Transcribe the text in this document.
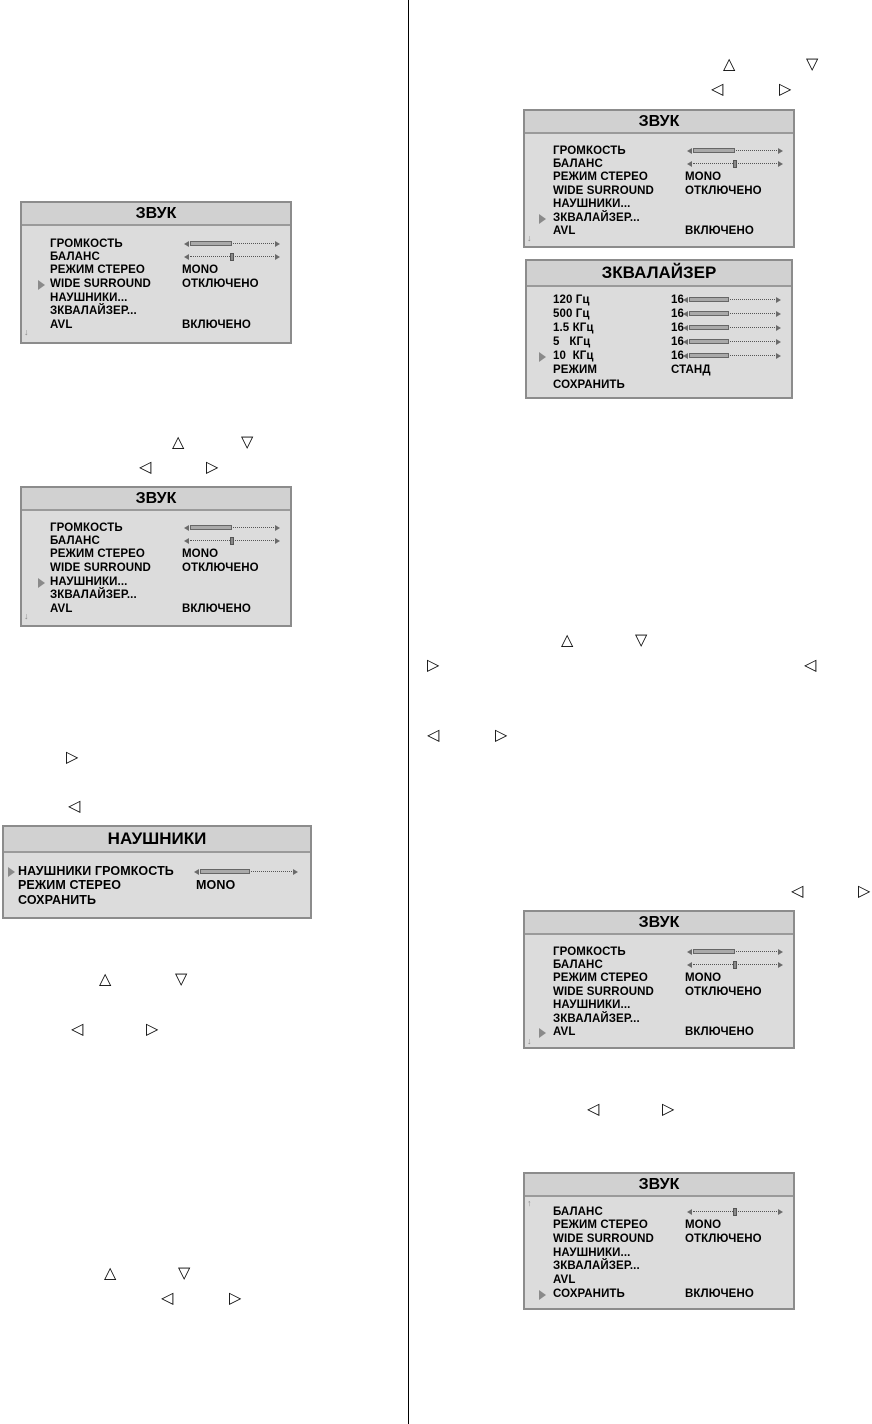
ЗВУК
ГРОМКОСТЬ
БАЛАНС
РЕЖИМ СТЕРЕО	MONO
WIDE SURROUND	ОТКЛЮЧЕНО
НАУШНИКИ...
ЗКВАЛАЙЗЕР...
AVL	ВКЛЮЧЕНО
↓
△	▽
◁	▷
ЗВУК
ГРОМКОСТЬ
БАЛАНС
РЕЖИМ СТЕРЕО	MONO
WIDE SURROUND	ОТКЛЮЧЕНО
НАУШНИКИ...
ЗКВАЛАЙЗЕР...
AVL	ВКЛЮЧЕНО
↓
▷
◁
НАУШНИКИ
НАУШНИКИ ГРОМКОСТЬ
РЕЖИМ СТЕРЕО	MONO
СОХРАНИТЬ
△	▽
◁	▷
△	▽
◁	▷
△	▽
◁	▷
ЗВУК
ГРОМКОСТЬ
БАЛАНС
РЕЖИМ СТЕРЕО	MONO
WIDE SURROUND	ОТКЛЮЧЕНО
НАУШНИКИ...
ЗКВАЛАЙЗЕР...
AVL	ВКЛЮЧЕНО
↓
ЗКВАЛАЙЗЕР
120 Гц	16
500 Гц	16
1.5 КГц	16
5   КГц	16
10  КГц	16
РЕЖИМ	СТАНД
СОХРАНИТЬ
△	▽
▷	◁
◁	▷
◁	▷
ЗВУК
ГРОМКОСТЬ
БАЛАНС
РЕЖИМ СТЕРЕО	MONO
WIDE SURROUND	ОТКЛЮЧЕНО
НАУШНИКИ...
ЗКВАЛАЙЗЕР...
AVL	ВКЛЮЧЕНО
↓
◁	▷
ЗВУК
↑
БАЛАНС
РЕЖИМ СТЕРЕО	MONO
WIDE SURROUND	ОТКЛЮЧЕНО
НАУШНИКИ...
ЗКВАЛАЙЗЕР...
AVL
СОХРАНИТЬ	ВКЛЮЧЕНО
